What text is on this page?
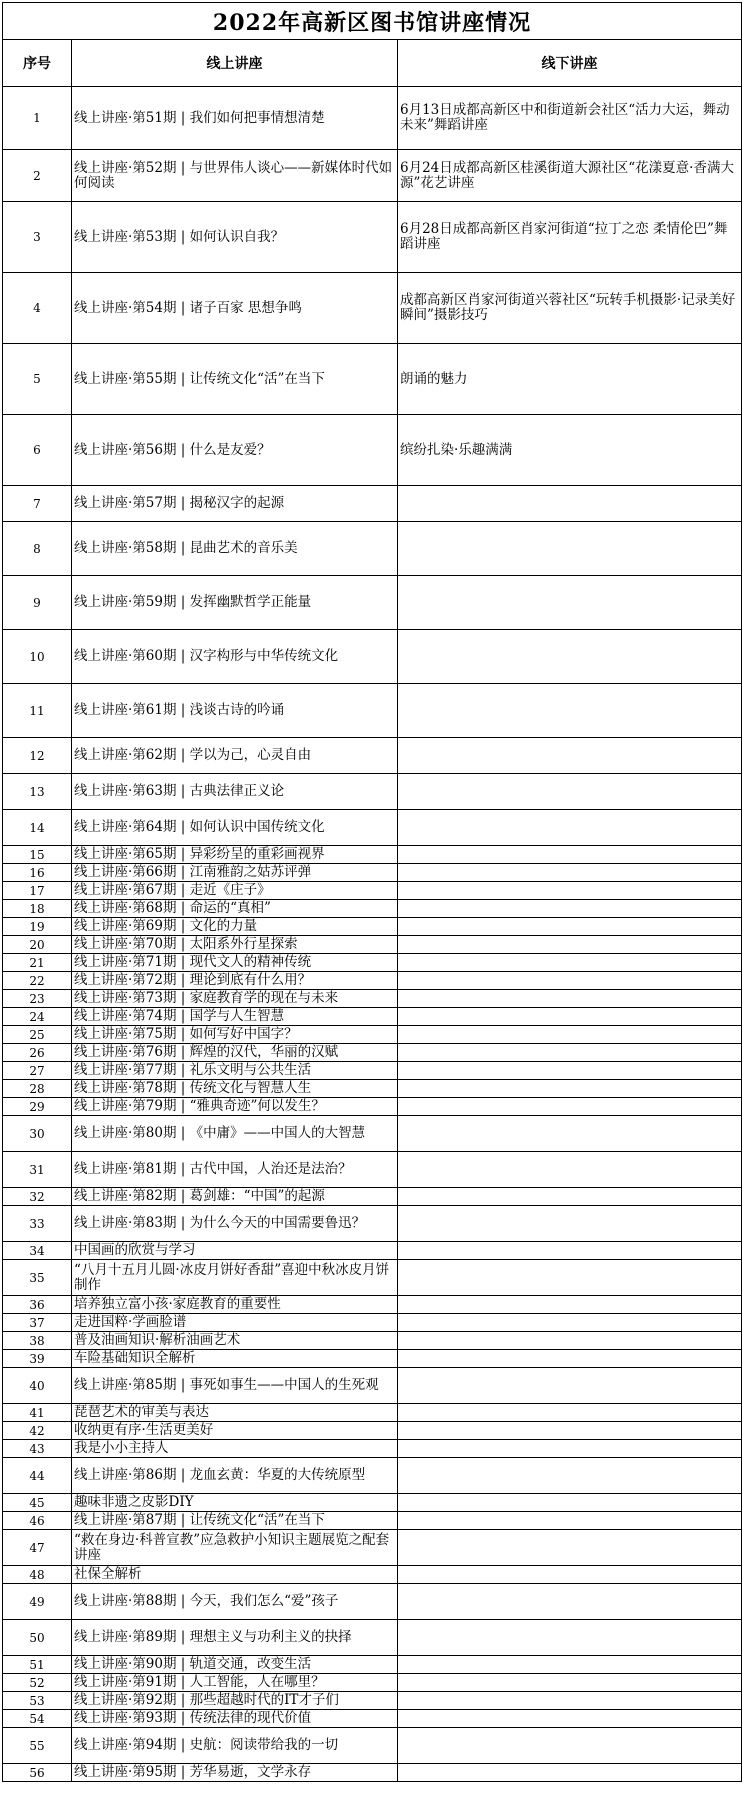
2022年高新区图书馆讲座情况		
序号	线上讲座	线下讲座
1	线上讲座·第51期 | 我们如何把事情想清楚	6月13日成都高新区中和街道新会社区“活力大运，舞动未来”舞蹈讲座
2	线上讲座·第52期 | 与世界伟人谈心——新媒体时代如何阅读	6月24日成都高新区桂溪街道大源社区“花漾夏意·香满大源”花艺讲座
3	线上讲座·第53期 | 如何认识自我？	6月28日成都高新区肖家河街道“拉丁之恋 柔情伦巴”舞蹈讲座
4	线上讲座·第54期 | 诸子百家 思想争鸣	成都高新区肖家河街道兴蓉社区“玩转手机摄影·记录美好瞬间”摄影技巧
5	线上讲座·第55期 | 让传统文化“活”在当下	朗诵的魅力
6	线上讲座·第56期 | 什么是友爱？	缤纷扎染·乐趣满满
7	线上讲座·第57期 | 揭秘汉字的起源	
8	线上讲座·第58期 | 昆曲艺术的音乐美	
9	线上讲座·第59期 | 发挥幽默哲学正能量	
10	线上讲座·第60期 | 汉字构形与中华传统文化	
11	线上讲座·第61期 | 浅谈古诗的吟诵	
12	线上讲座·第62期 | 学以为己，心灵自由	
13	线上讲座·第63期 | 古典法律正义论	
14	线上讲座·第64期 | 如何认识中国传统文化	
15	线上讲座·第65期 | 异彩纷呈的重彩画视界	
16	线上讲座·第66期 | 江南雅韵之姑苏评弹	
17	线上讲座·第67期 | 走近《庄子》	
18	线上讲座·第68期 | 命运的“真相”	
19	线上讲座·第69期 | 文化的力量	
20	线上讲座·第70期 | 太阳系外行星探索	
21	线上讲座·第71期 | 现代文人的精神传统	
22	线上讲座·第72期 | 理论到底有什么用？	
23	线上讲座·第73期 | 家庭教育学的现在与未来	
24	线上讲座·第74期 | 国学与人生智慧	
25	线上讲座·第75期 | 如何写好中国字？	
26	线上讲座·第76期 | 辉煌的汉代，华丽的汉赋	
27	线上讲座·第77期 | 礼乐文明与公共生活	
28	线上讲座·第78期 | 传统文化与智慧人生	
29	线上讲座·第79期 | “雅典奇迹”何以发生？	
30	线上讲座·第80期 | 《中庸》——中国人的大智慧	
31	线上讲座·第81期 | 古代中国，人治还是法治？	
32	线上讲座·第82期 | 葛剑雄：“中国”的起源	
33	线上讲座·第83期 | 为什么今天的中国需要鲁迅？	
34	中国画的欣赏与学习	
35	“八月十五月儿圆·冰皮月饼好香甜”喜迎中秋冰皮月饼制作	
36	培养独立富小孩·家庭教育的重要性	
37	走进国粹·学画脸谱	
38	普及油画知识·解析油画艺术	
39	车险基础知识全解析	
40	线上讲座·第85期 | 事死如事生——中国人的生死观	
41	琵琶艺术的审美与表达	
42	收纳更有序·生活更美好	
43	我是小小主持人	
44	线上讲座·第86期 | 龙血玄黄：华夏的大传统原型	
45	趣味非遗之皮影DIY	
46	线上讲座·第87期 | 让传统文化“活”在当下	
47	“救在身边·科普宣教”应急救护小知识主题展览之配套讲座	
48	社保全解析	
49	线上讲座·第88期 | 今天，我们怎么“爱”孩子	
50	线上讲座·第89期 | 理想主义与功利主义的抉择	
51	线上讲座·第90期 | 轨道交通，改变生活	
52	线上讲座·第91期 | 人工智能，人在哪里？	
53	线上讲座·第92期 | 那些超越时代的IT才子们	
54	线上讲座·第93期 | 传统法律的现代价值	
55	线上讲座·第94期 | 史航：阅读带给我的一切	
56	线上讲座·第95期 | 芳华易逝，文学永存	
